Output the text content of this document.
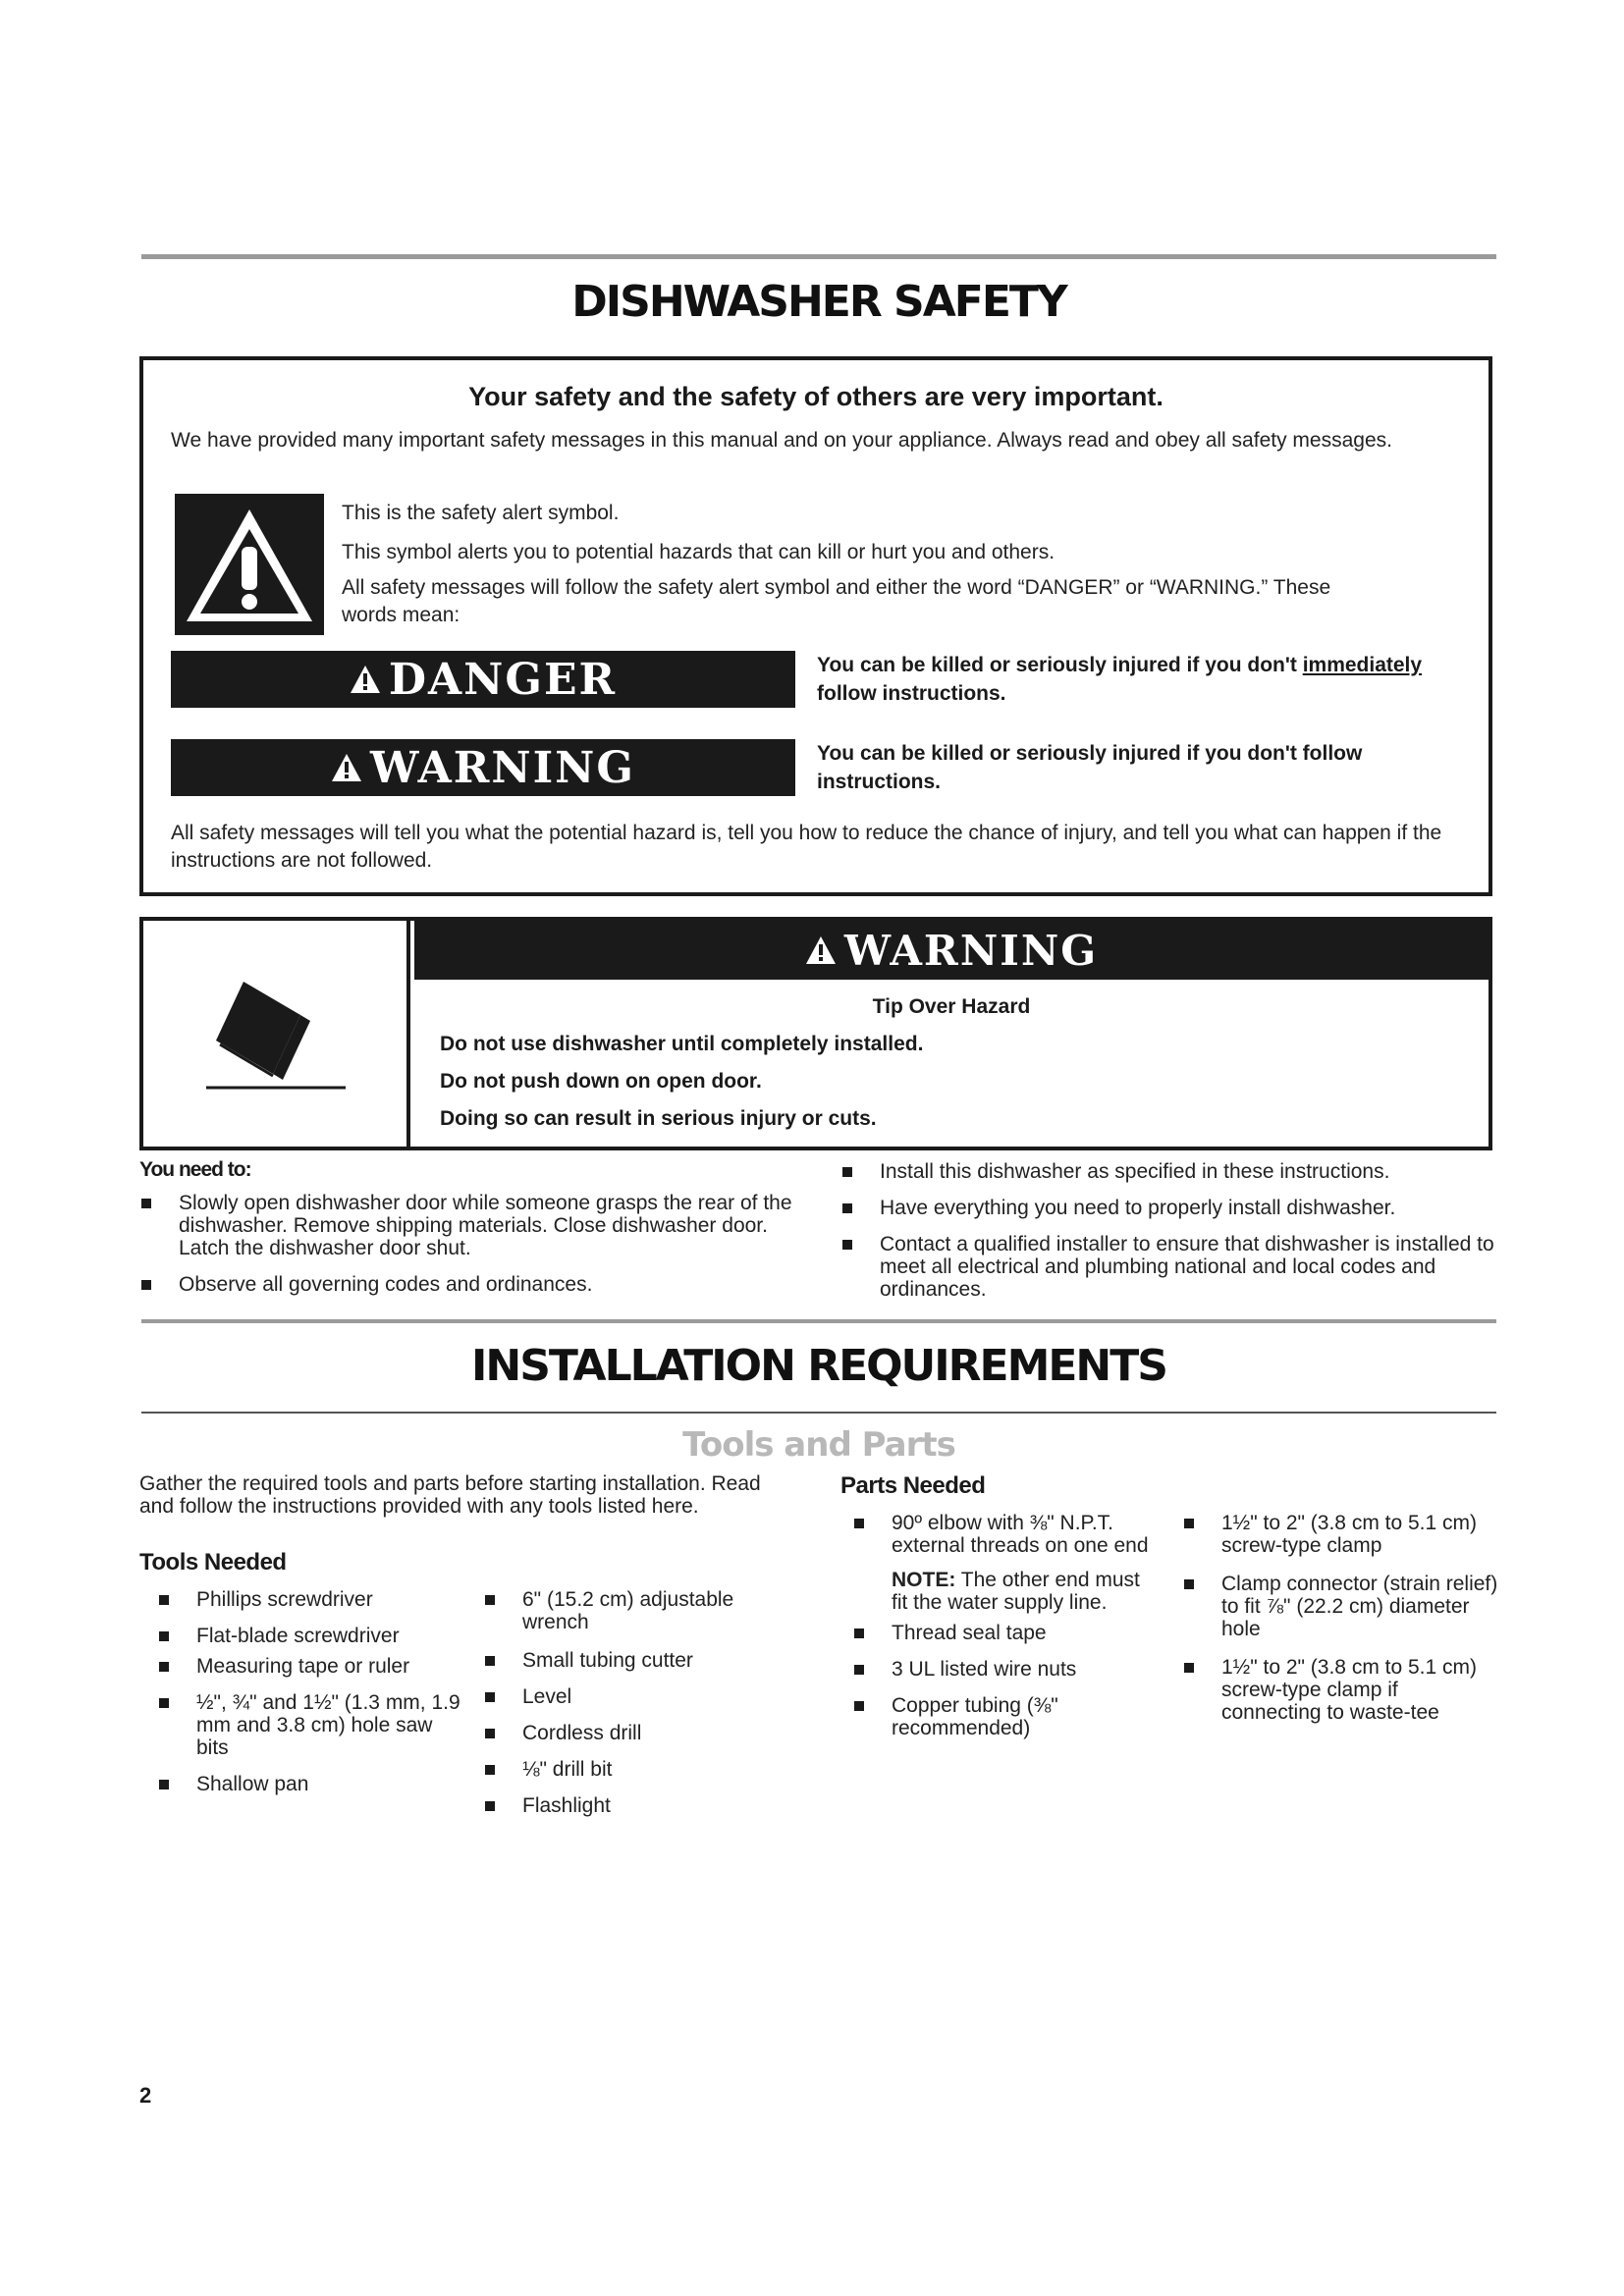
DISHWASHER SAFETY
Your safety and the safety of others are very important.
We have provided many important safety messages in this manual and on your appliance. Always read and obey all safety messages.
This is the safety alert symbol.
This symbol alerts you to potential hazards that can kill or hurt you and others.
All safety messages will follow the safety alert symbol and either the word “DANGER” or “WARNING.” These words mean:
DANGER	You can be killed or seriously injured if you don't immediately follow instructions.
WARNING	You can be killed or seriously injured if you don't follow instructions.
All safety messages will tell you what the potential hazard is, tell you how to reduce the chance of injury, and tell you what can happen if the instructions are not followed.
WARNING
Tip Over Hazard
Do not use dishwasher until completely installed.
Do not push down on open door.
Doing so can result in serious injury or cuts.
You need to:
Slowly open dishwasher door while someone grasps the rear of the dishwasher. Remove shipping materials. Close dishwasher door. Latch the dishwasher door shut.
Observe all governing codes and ordinances.
Install this dishwasher as specified in these instructions.
Have everything you need to properly install dishwasher.
Contact a qualified installer to ensure that dishwasher is installed to meet all electrical and plumbing national and local codes and ordinances.
INSTALLATION REQUIREMENTS
Tools and Parts
Gather the required tools and parts before starting installation. Read and follow the instructions provided with any tools listed here.
Tools Needed
Phillips screwdriver
Flat-blade screwdriver
Measuring tape or ruler
½", ¾" and 1½" (1.3 mm, 1.9 mm and 3.8 cm) hole saw bits
Shallow pan
6" (15.2 cm) adjustable wrench
Small tubing cutter
Level
Cordless drill
⅛" drill bit
Flashlight
Parts Needed
90º elbow with ⅜" N.P.T. external threads on one end
NOTE: The other end must fit the water supply line.
Thread seal tape
3 UL listed wire nuts
Copper tubing (⅜" recommended)
1½" to 2" (3.8 cm to 5.1 cm) screw-type clamp
Clamp connector (strain relief) to fit ⅞" (22.2 cm) diameter hole
1½" to 2" (3.8 cm to 5.1 cm) screw-type clamp if connecting to waste-tee
2
